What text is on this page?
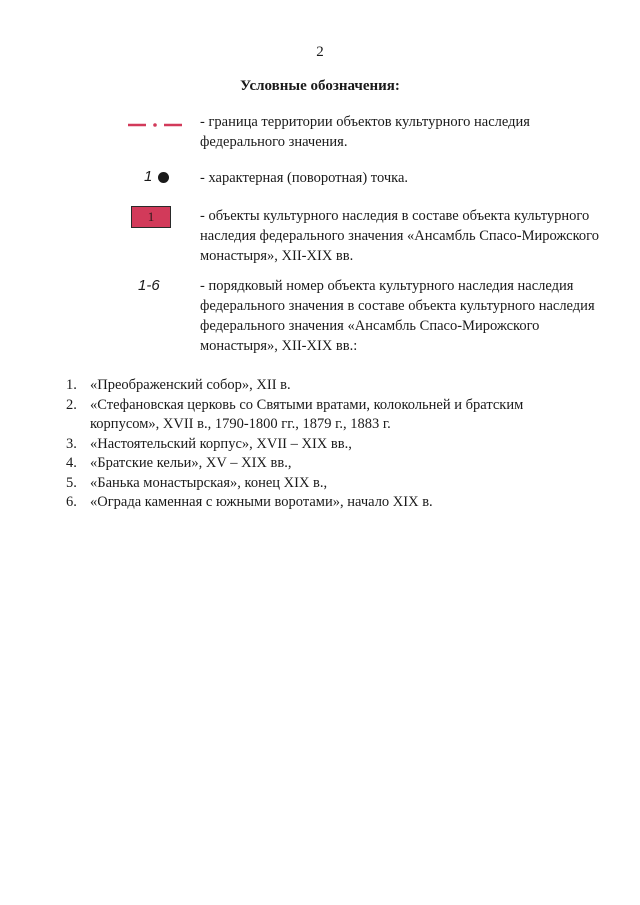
2
Условные обозначения:
- граница территории объектов культурного наследия федерального значения.
1	- характерная (поворотная) точка.
1	- объекты культурного наследия в составе объекта культурного наследия федерального значения «Ансамбль Спасо-Мирожского монастыря», XII-XIX вв.
1-6	- порядковый номер объекта культурного наследия наследия федерального значения в составе объекта культурного наследия федерального значения «Ансамбль Спасо-Мирожского монастыря», XII-XIX вв.:
1. «Преображенский собор», XII в.
2. «Стефановская церковь со Святыми вратами, колокольней и братским корпусом», XVII в., 1790-1800 гг., 1879 г., 1883 г.
3. «Настоятельский корпус», XVII – XIX вв.,
4. «Братские кельи», XV – XIX вв.,
5. «Банька монастырская», конец XIX в.,
6. «Ограда каменная с южными воротами», начало XIX в.
